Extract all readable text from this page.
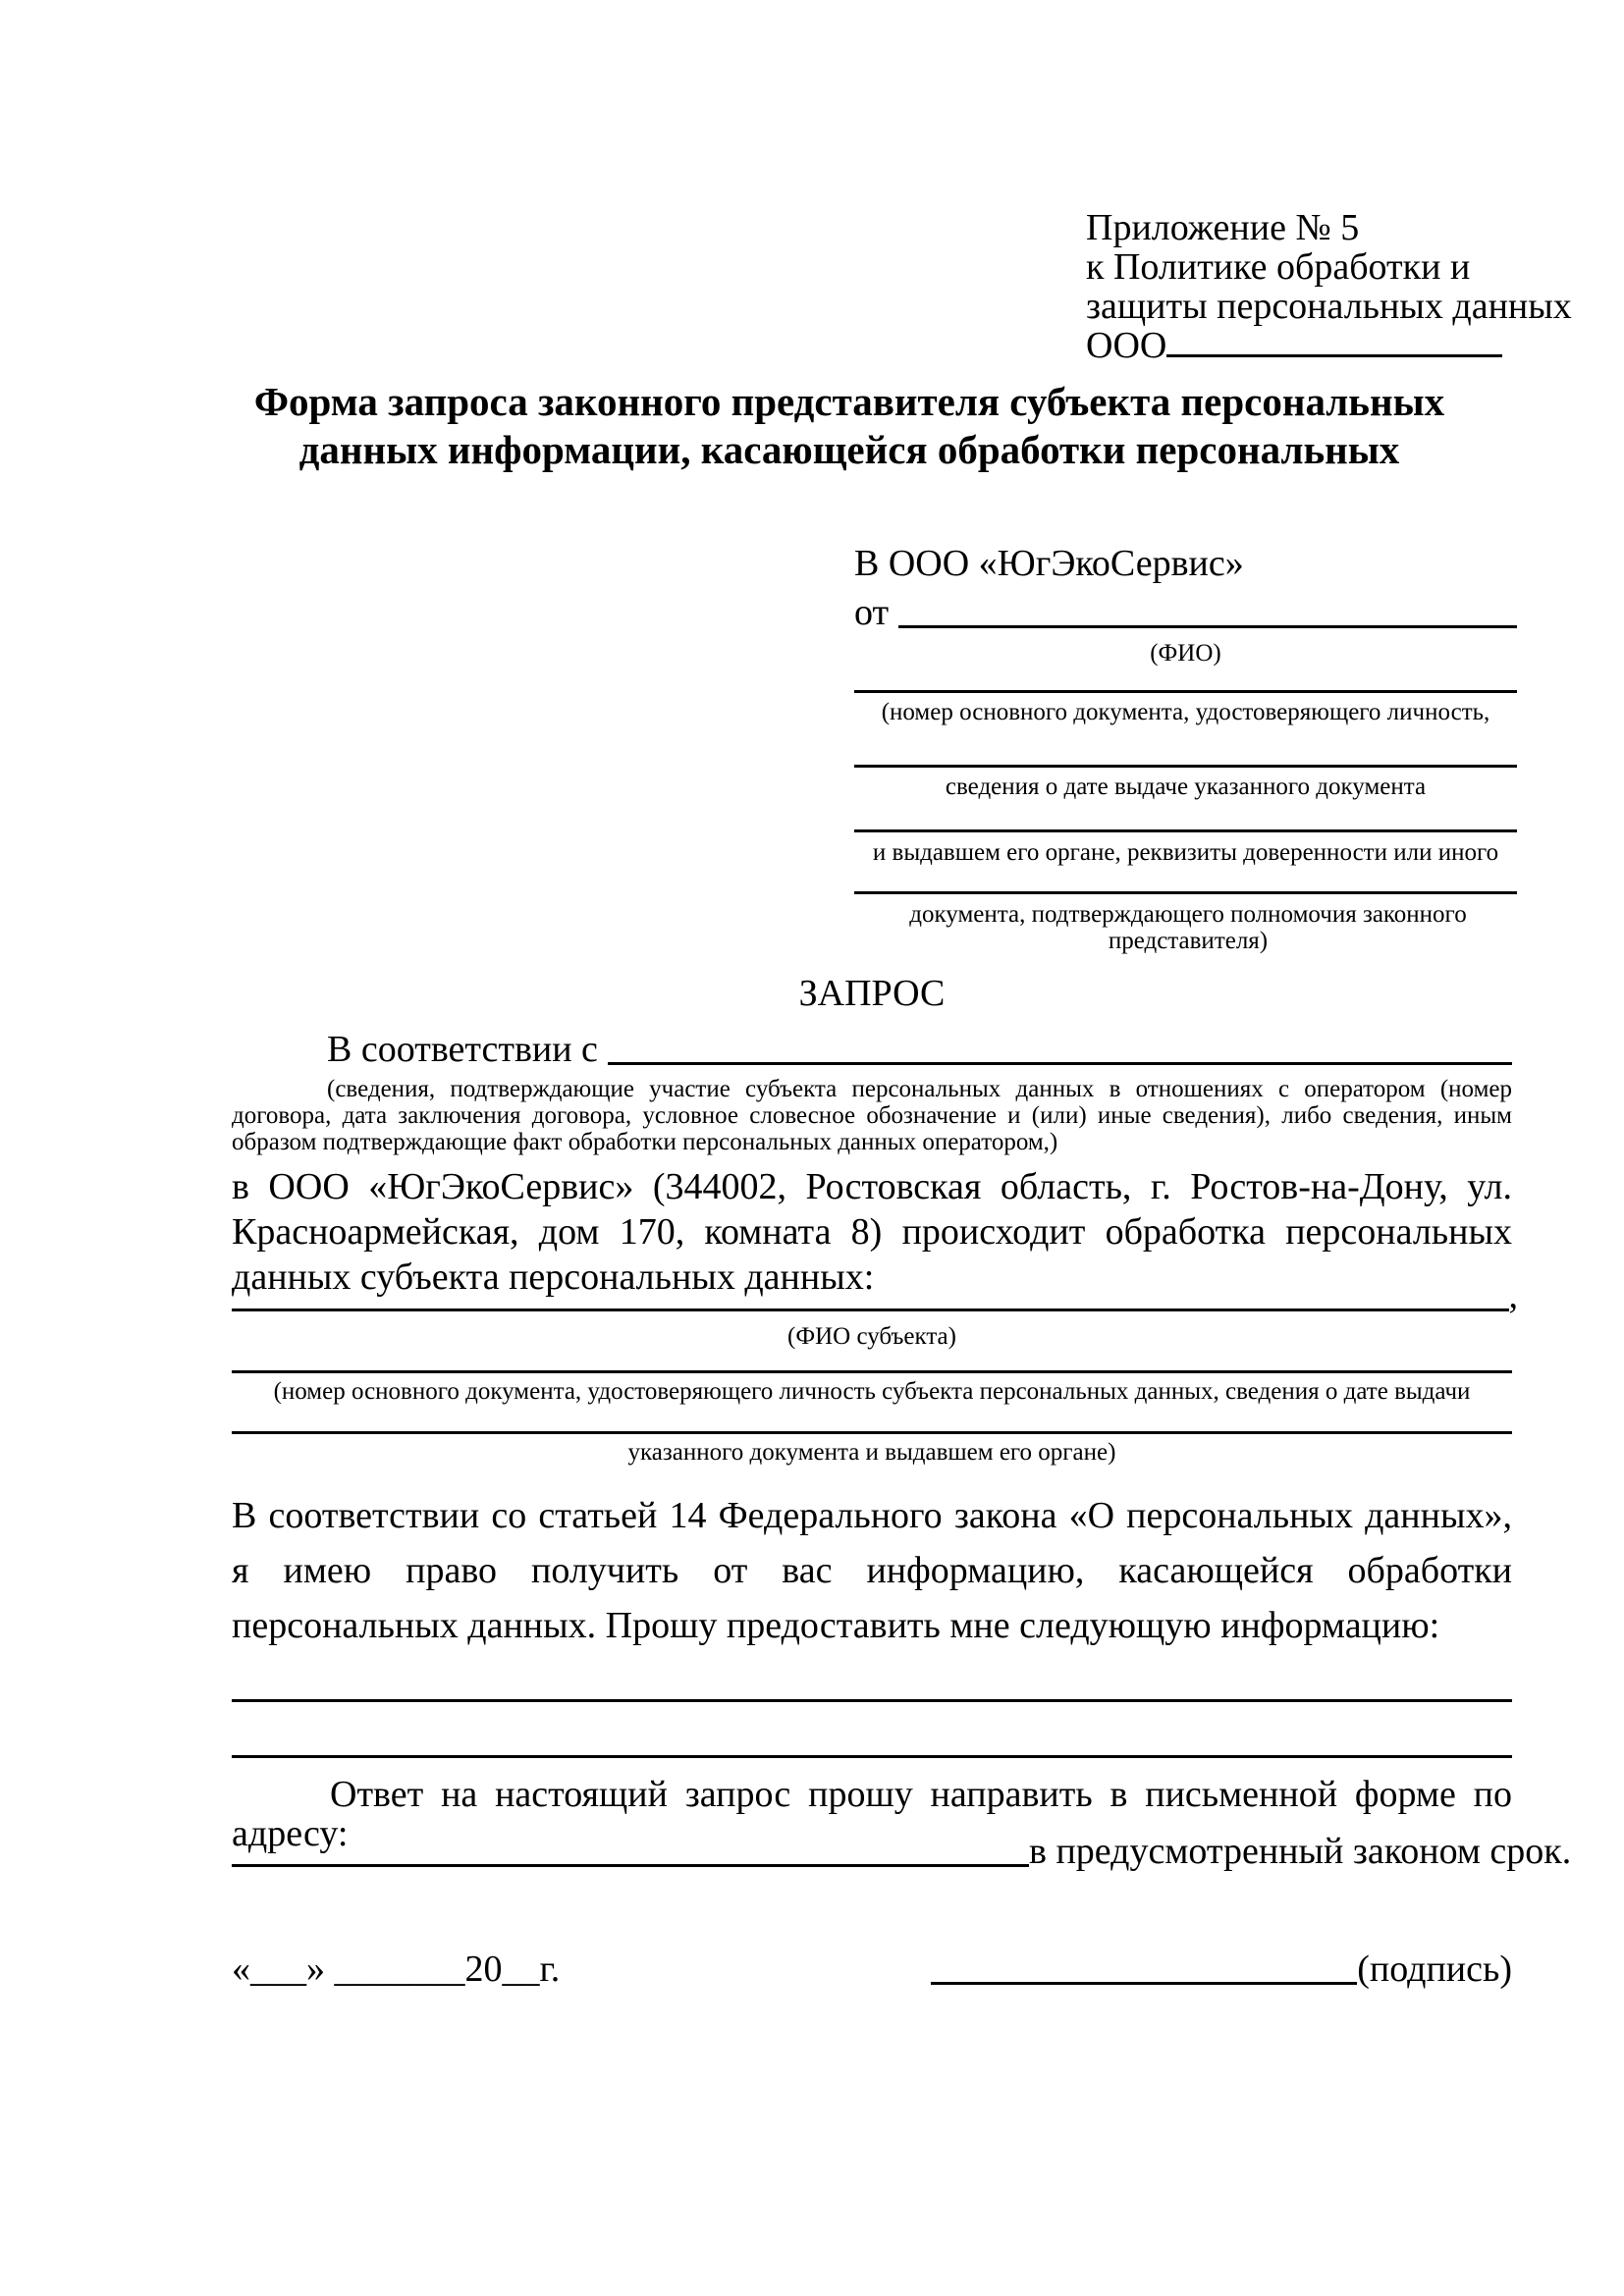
Приложение № 5
к Политике обработки и
защиты персональных данных
ООО
Форма запроса законного представителя субъекта персональных
данных информации, касающейся обработки персональных
В ООО «ЮгЭкоСервис»
от
(ФИО)
(номер основного документа, удостоверяющего личность,
сведения о дате выдаче указанного документа
и выдавшем его органе, реквизиты доверенности или иного
документа, подтверждающего полномочия законного представителя)
ЗАПРОС
В соответствии с
(сведения, подтверждающие участие субъекта персональных данных в отношениях с оператором (номер договора, дата заключения договора, условное словесное обозначение и (или) иные сведения), либо сведения, иным образом подтверждающие факт обработки персональных данных оператором,)
в ООО «ЮгЭкоСервис» (344002, Ростовская область, г. Ростов-на-Дону, ул. Красноармейская, дом 170, комната 8) происходит обработка персональных данных субъекта персональных данных:	,
(ФИО субъекта)
(номер основного документа, удостоверяющего личность субъекта персональных данных, сведения о дате выдачи
указанного документа и выдавшем его органе)
В соответствии со статьей 14 Федерального закона «О персональных данных», я имею право получить от вас информацию, касающейся обработки персональных данных. Прошу предоставить мне следующую информацию:
Ответ на настоящий запрос прошу направить в письменной форме по адресу:	в предусмотренный законом срок.
«___» _______20__г.	(подпись)
